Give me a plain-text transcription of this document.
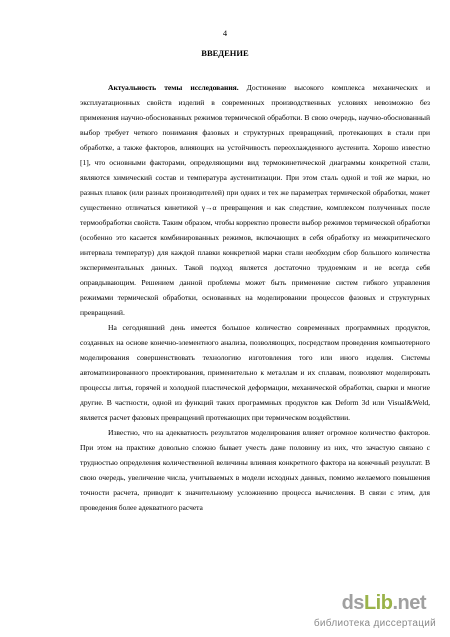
4
ВВЕДЕНИЕ

Актуальность темы исследования. Достижение высокого комплекса механических и эксплуатационных свойств изделий в современных производственных условиях невозможно без применения научно-обоснованных режимов термической обработки. В свою очередь, научно-обоснованный выбор требует четкого понимания фазовых и структурных превращений, протекающих в стали при обработке, а также факторов, влияющих на устойчивость переохлажденного аустенита. Хорошо известно [1], что основными факторами, определяющими вид термокинетической диаграммы конкретной стали, являются химический состав и температура аустенитизации. При этом сталь одной и той же марки, но разных плавок (или разных производителей) при одних и тех же параметрах термической обработки, может существенно отличаться кинетикой γ→α превращения и как следствие, комплексом полученных после термообработки свойств. Таким образом, чтобы корректно провести выбор режимов термической обработки (особенно это касается комбинированных режимов, включающих в себя обработку из межкритического интервала температур) для каждой плавки конкретной марки стали необходим сбор большого количества экспериментальных данных. Такой подход является достаточно трудоемким и не всегда себя оправдывающим. Решением данной проблемы может быть применение систем гибкого управления режимами термической обработки, основанных на моделировании процессов фазовых и структурных превращений.

На сегодняшний день имеется большое количество современных программных продуктов, созданных на основе конечно-элементного анализа, позволяющих, посредством проведения компьютерного моделирования совершенствовать технологию изготовления того или иного изделия. Системы автоматизированного проектирования, применительно к металлам и их сплавам, позволяют моделировать процессы литья, горячей и холодной пластической деформации, механической обработки, сварки и многие другие. В частности, одной из функций таких программных продуктов как Deform 3d или Visual&Weld, является расчет фазовых превращений протекающих при термическом воздействии.

Известно, что на адекватность результатов моделирования влияет огромное количество факторов. При этом на практике довольно сложно бывает учесть даже половину из них, что зачастую связано с трудностью определения количественной величины влияния конкретного фактора на конечный результат. В свою очередь, увеличение числа, учитываемых в модели исходных данных, помимо желаемого повышения точности расчета, приводит к значительному усложнению процесса вычисления. В связи с этим, для проведения более адекватного расчета

dsLib.net
библиотека диссертаций
